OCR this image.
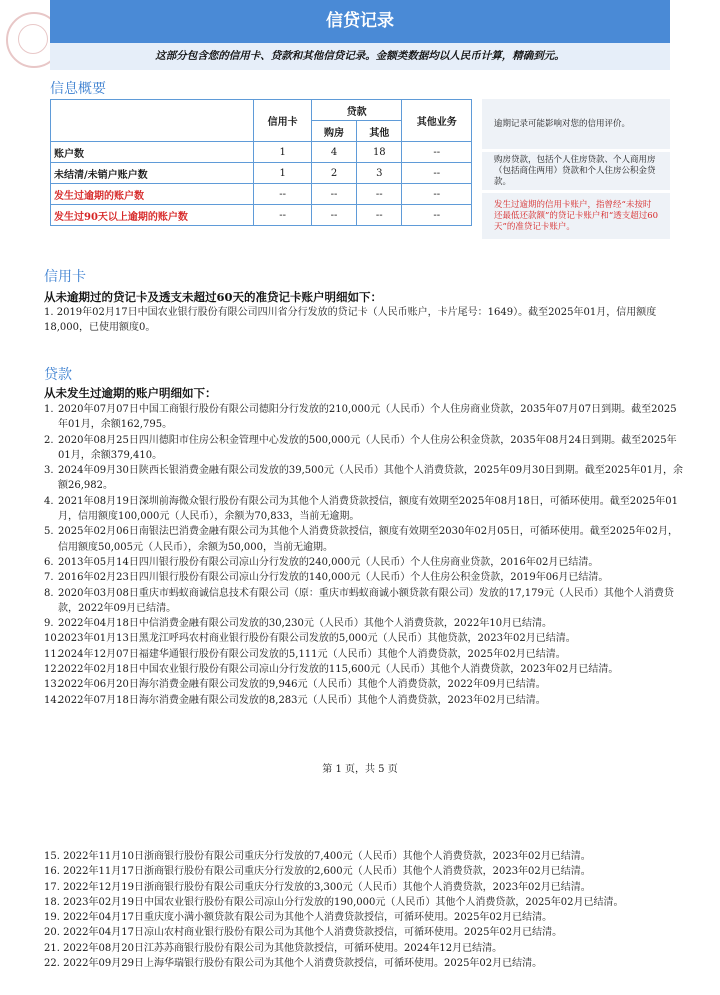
信贷记录
这部分包含您的信用卡、贷款和其他信贷记录。金额类数据均以人民币计算，精确到元。
信息概要
	信用卡	贷款		其他业务
		购房	其他	
账户数	1	4	18	--
未结清/未销户账户数	1	2	3	--
发生过逾期的账户数	--	--	--	--
发生过90天以上逾期的账户数	--	--	--	--
逾期记录可能影响对您的信用评价。
购房贷款，包括个人住房贷款、个人商用房（包括商住两用）贷款和个人住房公积金贷款。
发生过逾期的信用卡账户，指曾经“未按时还最低还款额”的贷记卡账户和“透支超过60天”的准贷记卡账户。
信用卡
从未逾期过的贷记卡及透支未超过60天的准贷记卡账户明细如下：

1. 2019年02月17日中国农业银行股份有限公司四川省分行发放的贷记卡（人民币账户，卡片尾号：1649）。截至2025年01月，信用额度18,000，已使用额度0。

贷款
从未发生过逾期的账户明细如下：
1. 2020年07月07日中国工商银行股份有限公司德阳分行发放的210,000元（人民币）个人住房商业贷款，2035年07月07日到期。截至2025年01月，余额162,795。
2. 2020年08月25日四川德阳市住房公积金管理中心发放的500,000元（人民币）个人住房公积金贷款，2035年08月24日到期。截至2025年01月，余额379,410。
3. 2024年09月30日陕西长银消费金融有限公司发放的39,500元（人民币）其他个人消费贷款，2025年09月30日到期。截至2025年01月，余额26,982。
4. 2021年08月19日深圳前海微众银行股份有限公司为其他个人消费贷款授信，额度有效期至2025年08月18日，可循环使用。截至2025年01月，信用额度100,000元（人民币），余额为70,833，当前无逾期。
5. 2025年02月06日南银法巴消费金融有限公司为其他个人消费贷款授信，额度有效期至2030年02月05日，可循环使用。截至2025年02月，信用额度50,005元（人民币），余额为50,000，当前无逾期。
6. 2013年05月14日四川银行股份有限公司凉山分行发放的240,000元（人民币）个人住房商业贷款，2016年02月已结清。
7. 2016年02月23日四川银行股份有限公司凉山分行发放的140,000元（人民币）个人住房公积金贷款，2019年06月已结清。
8. 2020年03月08日重庆市蚂蚁商诚信息技术有限公司（原：重庆市蚂蚁商诚小额贷款有限公司）发放的17,179元（人民币）其他个人消费贷款，2022年09月已结清。
9. 2022年04月18日中信消费金融有限公司发放的30,230元（人民币）其他个人消费贷款，2022年10月已结清。
10.
2023年01月13日黑龙江呼玛农村商业银行股份有限公司发放的5,000元（人民币）其他贷款，2023年02月已结清。
11.
2024年12月07日福建华通银行股份有限公司发放的5,111元（人民币）其他个人消费贷款，2025年02月已结清。
12.
2022年02月18日中国农业银行股份有限公司凉山分行发放的115,600元（人民币）其他个人消费贷款，2023年02月已结清。
13.
2022年06月20日海尔消费金融有限公司发放的9,946元（人民币）其他个人消费贷款，2022年09月已结清。
14.
2022年07月18日海尔消费金融有限公司发放的8,283元（人民币）其他个人消费贷款，2023年02月已结清。
第 1 页，共 5 页
15. 2022年11月10日浙商银行股份有限公司重庆分行发放的7,400元（人民币）其他个人消费贷款，2023年02月已结清。
16. 2022年11月17日浙商银行股份有限公司重庆分行发放的2,600元（人民币）其他个人消费贷款，2023年02月已结清。
17. 2022年12月19日浙商银行股份有限公司重庆分行发放的3,300元（人民币）其他个人消费贷款，2023年02月已结清。
18. 2023年02月19日中国农业银行股份有限公司凉山分行发放的190,000元（人民币）其他个人消费贷款，2025年02月已结清。
19. 2022年04月17日重庆度小满小额贷款有限公司为其他个人消费贷款授信，可循环使用。2025年02月已结清。
20. 2022年04月17日凉山农村商业银行股份有限公司为其他个人消费贷款授信，可循环使用。2025年02月已结清。
21. 2022年08月20日江苏苏商银行股份有限公司为其他贷款授信，可循环使用。2024年12月已结清。
22. 2022年09月29日上海华瑞银行股份有限公司为其他个人消费贷款授信，可循环使用。2025年02月已结清。
